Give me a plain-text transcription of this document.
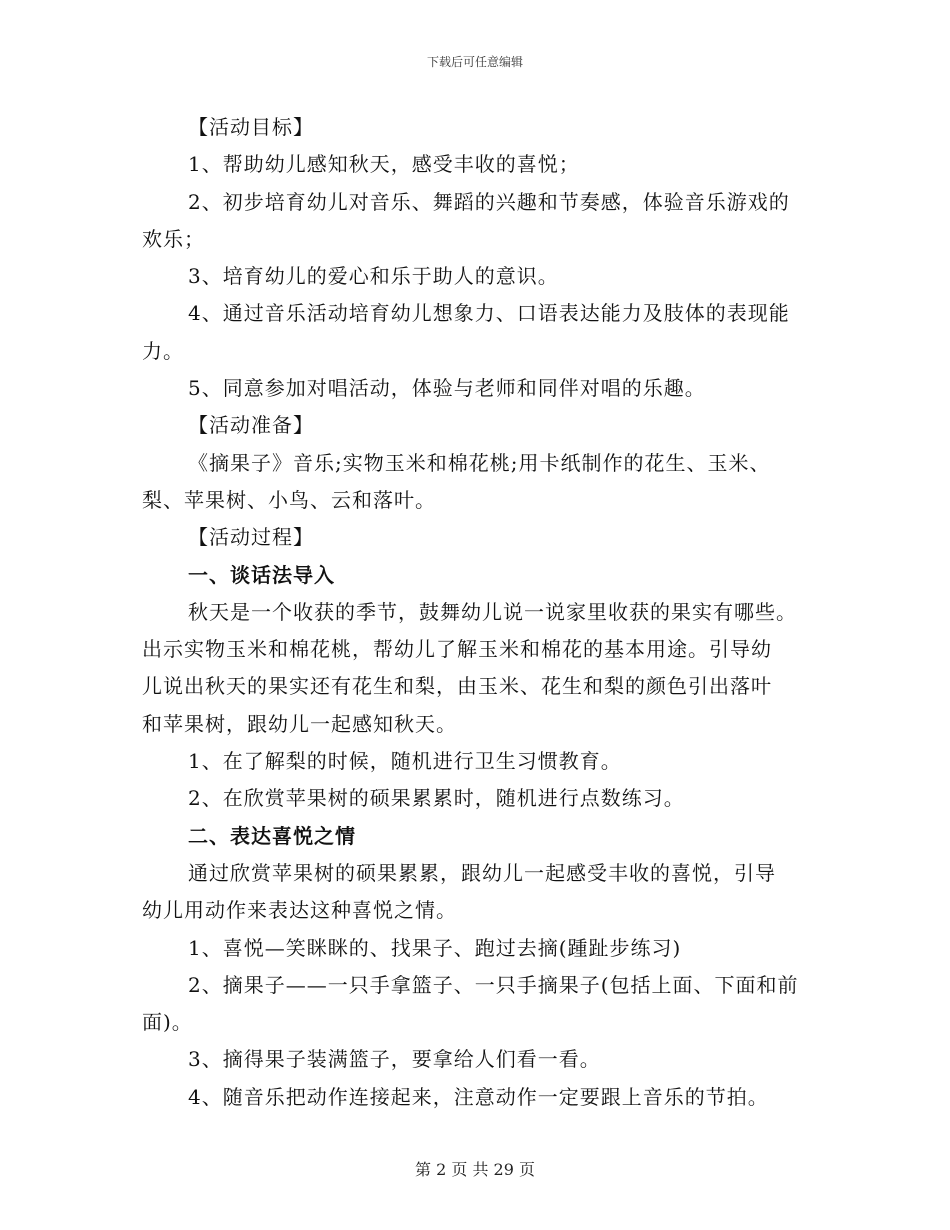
下载后可任意编辑

【活动目标】

1、帮助幼儿感知秋天，感受丰收的喜悦；

2、初步培育幼儿对音乐、舞蹈的兴趣和节奏感，体验音乐游戏的

欢乐；

3、培育幼儿的爱心和乐于助人的意识。

4、通过音乐活动培育幼儿想象力、口语表达能力及肢体的表现能

力。

5、同意参加对唱活动，体验与老师和同伴对唱的乐趣。

【活动准备】

《摘果子》音乐;实物玉米和棉花桃;用卡纸制作的花生、玉米、

梨、苹果树、小鸟、云和落叶。

【活动过程】

一、谈话法导入

秋天是一个收获的季节，鼓舞幼儿说一说家里收获的果实有哪些。

出示实物玉米和棉花桃，帮幼儿了解玉米和棉花的基本用途。引导幼

儿说出秋天的果实还有花生和梨，由玉米、花生和梨的颜色引出落叶

和苹果树，跟幼儿一起感知秋天。

1、在了解梨的时候，随机进行卫生习惯教育。

2、在欣赏苹果树的硕果累累时，随机进行点数练习。

二、表达喜悦之情

通过欣赏苹果树的硕果累累，跟幼儿一起感受丰收的喜悦，引导

幼儿用动作来表达这种喜悦之情。

1、喜悦—笑眯眯的、找果子、跑过去摘(踵趾步练习)

2、摘果子——一只手拿篮子、一只手摘果子(包括上面、下面和前

面)。

3、摘得果子装满篮子，要拿给人们看一看。

4、随音乐把动作连接起来，注意动作一定要跟上音乐的节拍。

第 2 页 共 29 页
